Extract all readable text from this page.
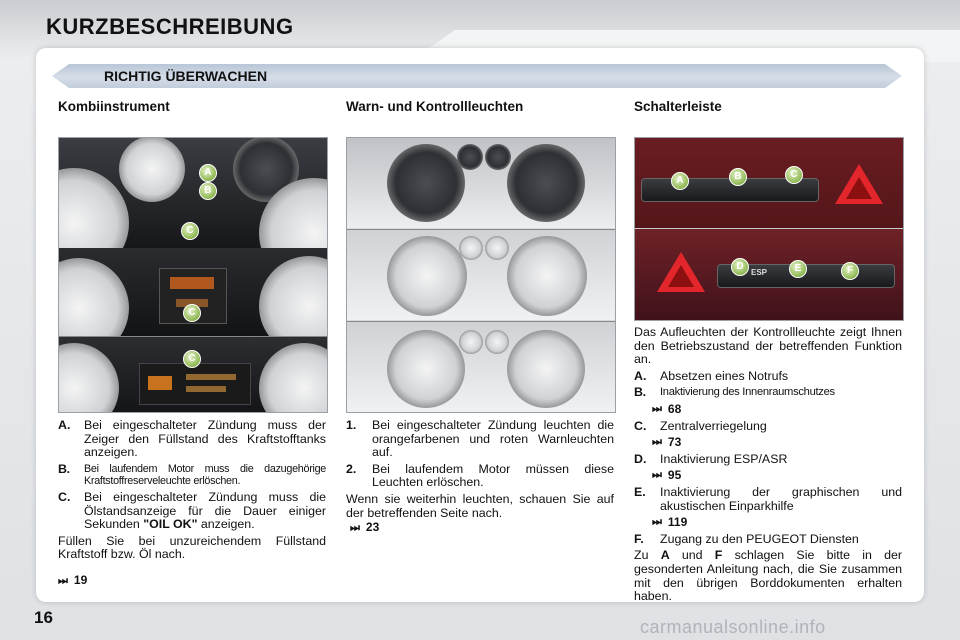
KURZBESCHREIBUNG
RICHTIG ÜBERWACHEN
Kombiinstrument	Warn- und Kontrollleuchten	Schalterleiste
A
B
C
C
C
ESP
A	B	C
D	E	F
A.	Bei eingeschalteter Zündung muss der Zeiger den Füllstand des Kraftstofftanks anzeigen.
B.	Bei laufendem Motor muss die dazugehörige Kraftstoffreserveleuchte erlöschen.
C.	Bei eingeschalteter Zündung muss die Ölstandsanzeige für die Dauer einiger Sekunden "OIL OK" anzeigen.
Füllen Sie bei unzureichendem Füllstand Kraftstoff bzw. Öl nach.
⏭ 19
1.	Bei eingeschalteter Zündung leuchten die orangefarbenen und roten Warnleuchten auf.
2.	Bei laufendem Motor müssen diese Leuchten erlöschen.
Wenn sie weiterhin leuchten, schauen Sie auf der betreffenden Seite nach.
⏭ 23
Das Aufleuchten der Kontrollleuchte zeigt Ihnen den Betriebszustand der betreffenden Funktion an.
A.	Absetzen eines Notrufs
B.	Inaktivierung des Innenraumschutzes
⏭ 68
C.	Zentralverriegelung
⏭ 73
D.	Inaktivierung ESP/ASR
⏭ 95
E.	Inaktivierung der graphischen und akustischen Einparkhilfe
⏭ 119
F.	Zugang zu den PEUGEOT Diensten
Zu A und F schlagen Sie bitte in der gesonderten Anleitung nach, die Sie zusammen mit den übrigen Borddokumenten erhalten haben.
16	carmanualsonline.info
